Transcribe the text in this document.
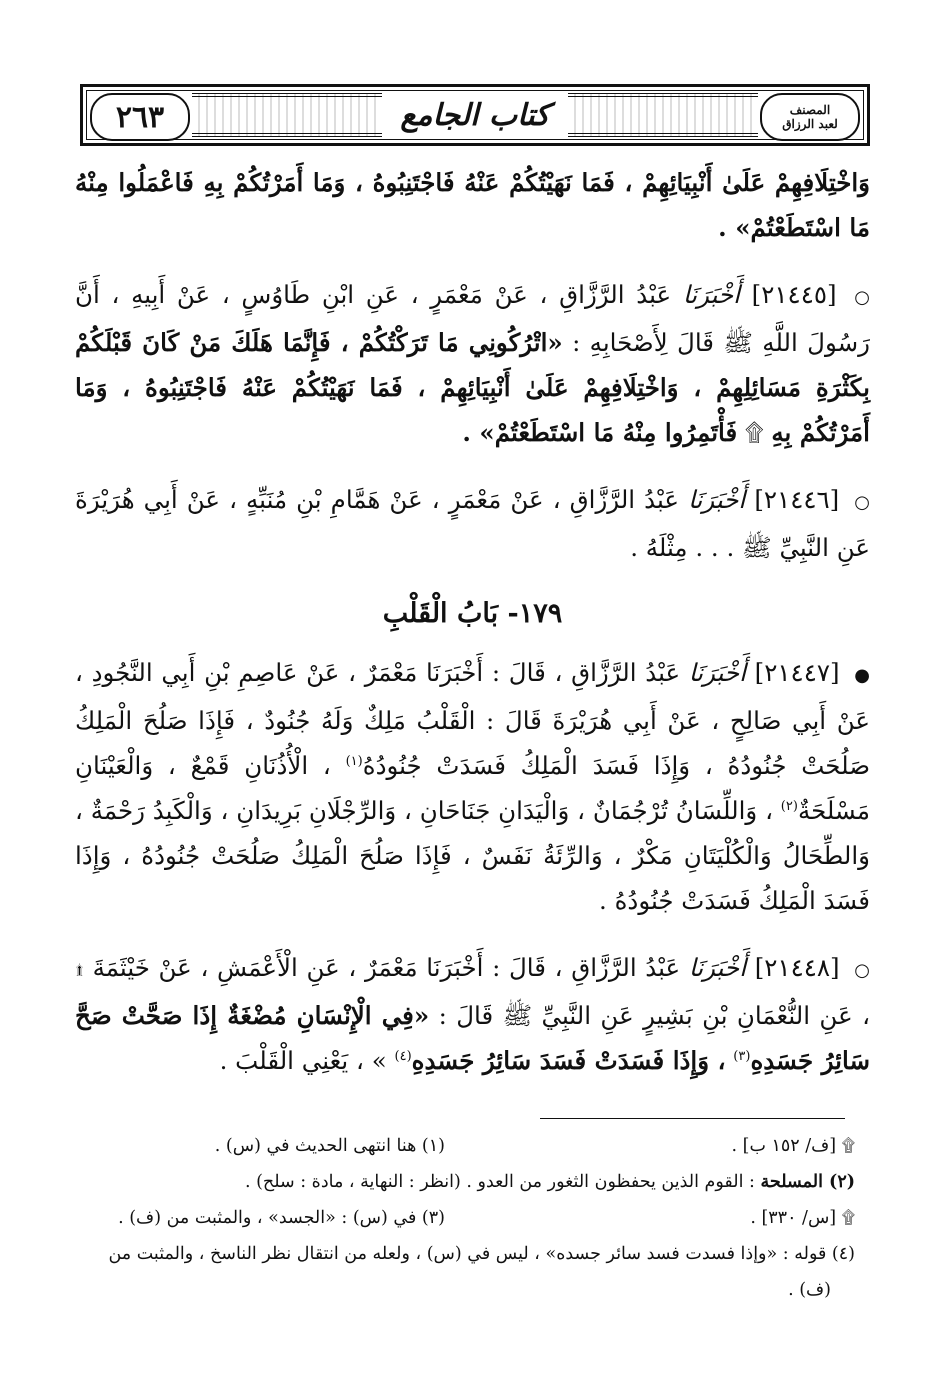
٢٦٣	كتاب الجامع	المصنف
لعبد الرزاق

وَاخْتِلَافِهِمْ عَلَىٰ أَنْبِيَائِهِمْ ، فَمَا نَهَيْتُكُمْ عَنْهُ فَاجْتَنِبُوهُ ، وَمَا أَمَرْتُكُمْ بِهِ فَاعْمَلُوا مِنْهُ مَا اسْتَطَعْتُمْ» .

○ [٢١٤٤٥] أَخْبَرَنَا عَبْدُ الرَّزَّاقِ ، عَنْ مَعْمَرٍ ، عَنِ ابْنِ طَاوُسٍ ، عَنْ أَبِيهِ ، أَنَّ رَسُولَ اللَّهِ ﷺ قَالَ لِأَصْحَابِهِ : «اتْرُكُونِي مَا تَرَكْتُكُمْ ، فَإِنَّمَا هَلَكَ مَنْ كَانَ قَبْلَكُمْ بِكَثْرَةِ مَسَائِلِهِمْ ، وَاخْتِلَافِهِمْ عَلَىٰ أَنْبِيَائِهِمْ ، فَمَا نَهَيْتُكُمْ عَنْهُ فَاجْتَنِبُوهُ ، وَمَا أَمَرْتُكُمْ بِهِ ۩ فَأْتَمِرُوا مِنْهُ مَا اسْتَطَعْتُمْ» .

○ [٢١٤٤٦] أَخْبَرَنَا عَبْدُ الرَّزَّاقِ ، عَنْ مَعْمَرٍ ، عَنْ هَمَّامِ بْنِ مُنَبِّهٍ ، عَنْ أَبِي هُرَيْرَةَ عَنِ النَّبِيِّ ﷺ . . . مِثْلَهُ .

١٧٩- بَابُ الْقَلْبِ

● [٢١٤٤٧] أَخْبَرَنَا عَبْدُ الرَّزَّاقِ ، قَالَ : أَخْبَرَنَا مَعْمَرٌ ، عَنْ عَاصِمِ بْنِ أَبِي النَّجُودِ ، عَنْ أَبِي صَالِحٍ ، عَنْ أَبِي هُرَيْرَةَ قَالَ : الْقَلْبُ مَلِكٌ وَلَهُ جُنُودٌ ، فَإِذَا صَلُحَ الْمَلِكُ صَلُحَتْ جُنُودُهُ ، وَإِذَا فَسَدَ الْمَلِكُ فَسَدَتْ جُنُودُهُ$^{(١)}$ ، الْأُذُنَانِ قَمْعٌ ، وَالْعَيْنَانِ مَسْلَحَةٌ$^{(٢)}$ ، وَاللِّسَانُ تُرْجُمَانٌ ، وَالْيَدَانِ جَنَاحَانِ ، وَالرِّجْلَانِ بَرِيدَانِ ، وَالْكَبِدُ رَحْمَةٌ ، وَالطِّحَالُ وَالْكُلْيَتَانِ مَكْرٌ ، وَالرِّئَةُ نَفَسٌ ، فَإِذَا صَلُحَ الْمَلِكُ صَلُحَتْ جُنُودُهُ ، وَإِذَا فَسَدَ الْمَلِكُ فَسَدَتْ جُنُودُهُ .

○ [٢١٤٤٨] أَخْبَرَنَا عَبْدُ الرَّزَّاقِ ، قَالَ : أَخْبَرَنَا مَعْمَرٌ ، عَنِ الْأَعْمَشِ ، عَنْ خَيْثَمَةَ ۩ ، عَنِ النُّعْمَانِ بْنِ بَشِيرٍ عَنِ النَّبِيِّ ﷺ قَالَ : «فِي الْإِنْسَانِ مُضْغَةٌ إِذَا صَحَّتْ صَحَّ سَائِرُ جَسَدِهِ$^{(٣)}$ ، وَإِذَا فَسَدَتْ فَسَدَ سَائِرُ جَسَدِهِ$^{(٤)}$ » ، يَعْنِي الْقَلْبَ .

۩ [ف/ ١٥٢ ب] .
(١) هنا انتهى الحديث في (س) .
(٢) المسلحة : القوم الذين يحفظون الثغور من العدو . (انظر : النهاية ، مادة : سلح) .
۩ [س/ ٣٣٠] .
(٣) في (س) : «الجسد» ، والمثبت من (ف) .
(٤) قوله : «وإذا فسدت فسد سائر جسده» ، ليس في (س) ، ولعله من انتقال نظر الناسخ ، والمثبت من
(ف) .
